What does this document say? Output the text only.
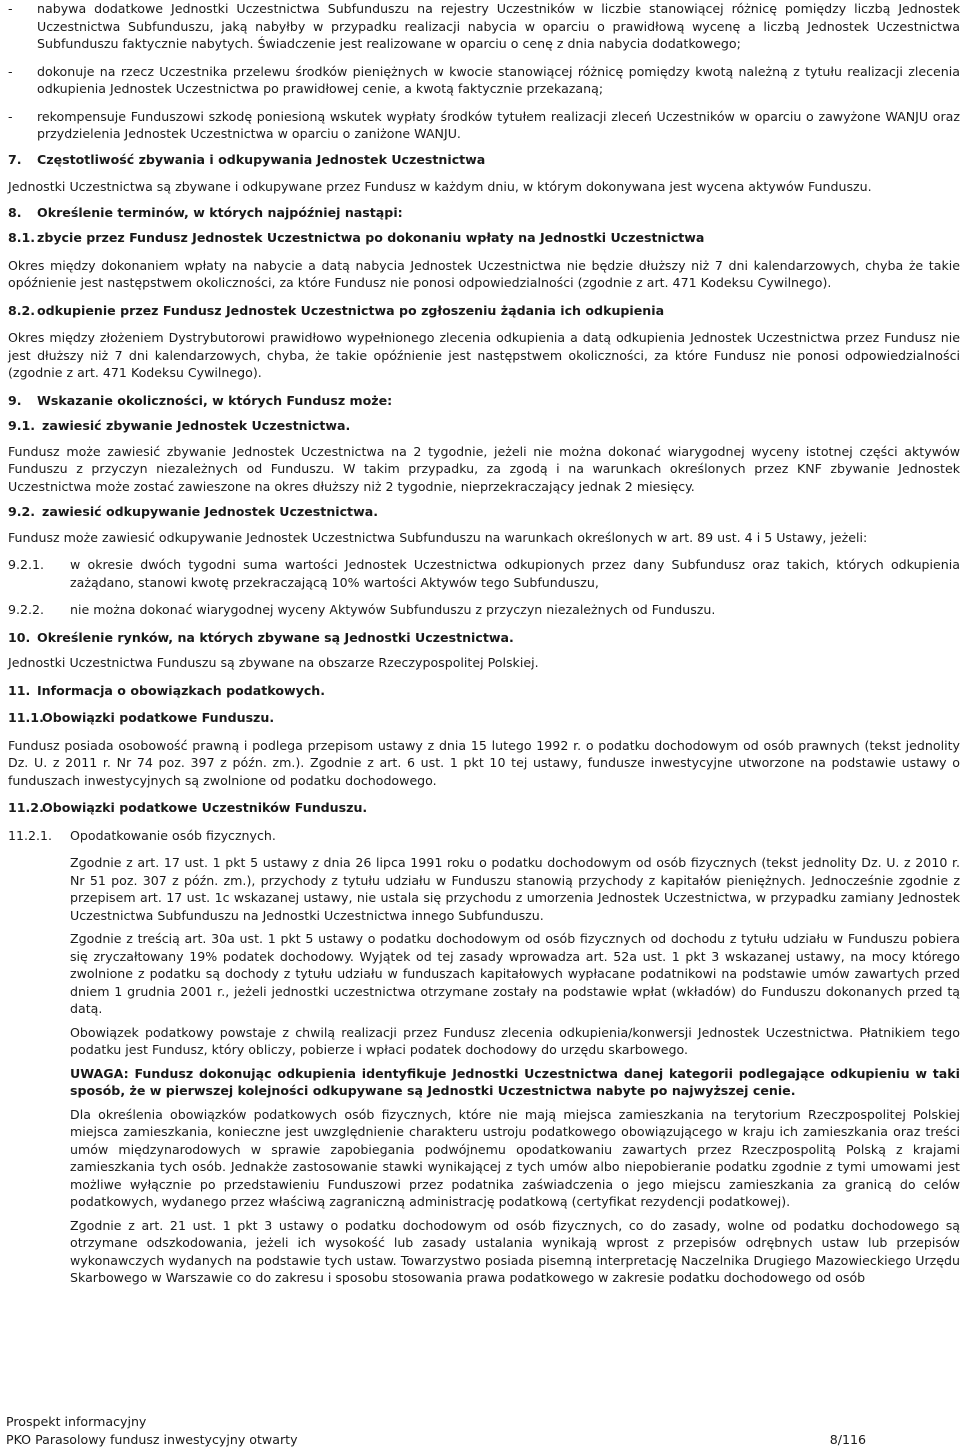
- nabywa dodatkowe Jednostki Uczestnictwa Subfunduszu na rejestry Uczestników w liczbie stanowiącej różnicę pomiędzy liczbą Jednostek Uczestnictwa Subfunduszu, jaką nabyłby w przypadku realizacji nabycia w oparciu o prawidłową wycenę a liczbą Jednostek Uczestnictwa Subfunduszu faktycznie nabytych. Świadczenie jest realizowane w oparciu o cenę z dnia nabycia dodatkowego;

- dokonuje na rzecz Uczestnika przelewu środków pieniężnych w kwocie stanowiącej różnicę pomiędzy kwotą należną z tytułu realizacji zlecenia odkupienia Jednostek Uczestnictwa po prawidłowej cenie, a kwotą faktycznie przekazaną;

- rekompensuje Funduszowi szkodę poniesioną wskutek wypłaty środków tytułem realizacji zleceń Uczestników w oparciu o zawyżone WANJU oraz przydzielenia Jednostek Uczestnictwa w oparciu o zaniżone WANJU.

7. Częstotliwość zbywania i odkupywania Jednostek Uczestnictwa

Jednostki Uczestnictwa są zbywane i odkupywane przez Fundusz w każdym dniu, w którym dokonywana jest wycena aktywów Funduszu.

8. Określenie terminów, w których najpóźniej nastąpi:

8.1. zbycie przez Fundusz Jednostek Uczestnictwa po dokonaniu wpłaty na Jednostki Uczestnictwa

Okres między dokonaniem wpłaty na nabycie a datą nabycia Jednostek Uczestnictwa nie będzie dłuższy niż 7 dni kalendarzowych, chyba że takie opóźnienie jest następstwem okoliczności, za które Fundusz nie ponosi odpowiedzialności (zgodnie z art. 471 Kodeksu Cywilnego).

8.2. odkupienie przez Fundusz Jednostek Uczestnictwa po zgłoszeniu żądania ich odkupienia

Okres między złożeniem Dystrybutorowi prawidłowo wypełnionego zlecenia odkupienia a datą odkupienia Jednostek Uczestnictwa przez Fundusz nie jest dłuższy niż 7 dni kalendarzowych, chyba, że takie opóźnienie jest następstwem okoliczności, za które Fundusz nie ponosi odpowiedzialności (zgodnie z art. 471 Kodeksu Cywilnego).

9. Wskazanie okoliczności, w których Fundusz może:

9.1. zawiesić zbywanie Jednostek Uczestnictwa.

Fundusz może zawiesić zbywanie Jednostek Uczestnictwa na 2 tygodnie, jeżeli nie można dokonać wiarygodnej wyceny istotnej części aktywów Funduszu z przyczyn niezależnych od Funduszu. W takim przypadku, za zgodą i na warunkach określonych przez KNF zbywanie Jednostek Uczestnictwa może zostać zawieszone na okres dłuższy niż 2 tygodnie, nieprzekraczający jednak 2 miesięcy.

9.2. zawiesić odkupywanie Jednostek Uczestnictwa.

Fundusz może zawiesić odkupywanie Jednostek Uczestnictwa Subfunduszu na warunkach określonych w art. 89 ust. 4 i 5 Ustawy, jeżeli:

9.2.1. w okresie dwóch tygodni suma wartości Jednostek Uczestnictwa odkupionych przez dany Subfundusz oraz takich, których odkupienia zażądano, stanowi kwotę przekraczającą 10% wartości Aktywów tego Subfunduszu,

9.2.2. nie można dokonać wiarygodnej wyceny Aktywów Subfunduszu z przyczyn niezależnych od Funduszu.

10. Określenie rynków, na których zbywane są Jednostki Uczestnictwa.

Jednostki Uczestnictwa Funduszu są zbywane na obszarze Rzeczypospolitej Polskiej.

11. Informacja o obowiązkach podatkowych.

11.1.
Obowiązki podatkowe Funduszu.

Fundusz posiada osobowość prawną i podlega przepisom ustawy z dnia 15 lutego 1992 r. o podatku dochodowym od osób prawnych (tekst jednolity Dz. U. z 2011 r. Nr 74 poz. 397 z późn. zm.). Zgodnie z art. 6 ust. 1 pkt 10 tej ustawy, fundusze inwestycyjne utworzone na podstawie ustawy o funduszach inwestycyjnych są zwolnione od podatku dochodowego.

11.2.
Obowiązki podatkowe Uczestników Funduszu.

11.2.1. Opodatkowanie osób fizycznych.

Zgodnie z art. 17 ust. 1 pkt 5 ustawy z dnia 26 lipca 1991 roku o podatku dochodowym od osób fizycznych (tekst jednolity Dz. U. z 2010 r. Nr 51 poz. 307 z późn. zm.), przychody z tytułu udziału w Funduszu stanowią przychody z kapitałów pieniężnych. Jednocześnie zgodnie z przepisem art. 17 ust. 1c wskazanej ustawy, nie ustala się przychodu z umorzenia Jednostek Uczestnictwa, w przypadku zamiany Jednostek Uczestnictwa Subfunduszu na Jednostki Uczestnictwa innego Subfunduszu.

Zgodnie z treścią art. 30a ust. 1 pkt 5 ustawy o podatku dochodowym od osób fizycznych od dochodu z tytułu udziału w Funduszu pobiera się zryczałtowany 19% podatek dochodowy. Wyjątek od tej zasady wprowadza art. 52a ust. 1 pkt 3 wskazanej ustawy, na mocy którego zwolnione z podatku są dochody z tytułu udziału w funduszach kapitałowych wypłacane podatnikowi na podstawie umów zawartych przed dniem 1 grudnia 2001 r., jeżeli jednostki uczestnictwa otrzymane zostały na podstawie wpłat (wkładów) do Funduszu dokonanych przed tą datą.

Obowiązek podatkowy powstaje z chwilą realizacji przez Fundusz zlecenia odkupienia/konwersji Jednostek Uczestnictwa. Płatnikiem tego podatku jest Fundusz, który obliczy, pobierze i wpłaci podatek dochodowy do urzędu skarbowego.

UWAGA: Fundusz dokonując odkupienia identyfikuje Jednostki Uczestnictwa danej kategorii podlegające odkupieniu w taki sposób, że w pierwszej kolejności odkupywane są Jednostki Uczestnictwa nabyte po najwyższej cenie.

Dla określenia obowiązków podatkowych osób fizycznych, które nie mają miejsca zamieszkania na terytorium Rzeczpospolitej Polskiej miejsca zamieszkania, konieczne jest uwzględnienie charakteru ustroju podatkowego obowiązującego w kraju ich zamieszkania oraz treści umów międzynarodowych w sprawie zapobiegania podwójnemu opodatkowaniu zawartych przez Rzeczpospolitą Polską z krajami zamieszkania tych osób. Jednakże zastosowanie stawki wynikającej z tych umów albo niepobieranie podatku zgodnie z tymi umowami jest możliwe wyłącznie po przedstawieniu Funduszowi przez podatnika zaświadczenia o jego miejscu zamieszkania za granicą do celów podatkowych, wydanego przez właściwą zagraniczną administrację podatkową (certyfikat rezydencji podatkowej).

Zgodnie z art. 21 ust. 1 pkt 3 ustawy o podatku dochodowym od osób fizycznych, co do zasady, wolne od podatku dochodowego są otrzymane odszkodowania, jeżeli ich wysokość lub zasady ustalania wynikają wprost z przepisów odrębnych ustaw lub przepisów wykonawczych wydanych na podstawie tych ustaw. Towarzystwo posiada pisemną interpretację Naczelnika Drugiego Mazowieckiego Urzędu Skarbowego w Warszawie co do zakresu i sposobu stosowania prawa podatkowego w zakresie podatku dochodowego od osób

Prospekt informacyjny
PKO Parasolowy fundusz inwestycyjny otwarty	8/116
